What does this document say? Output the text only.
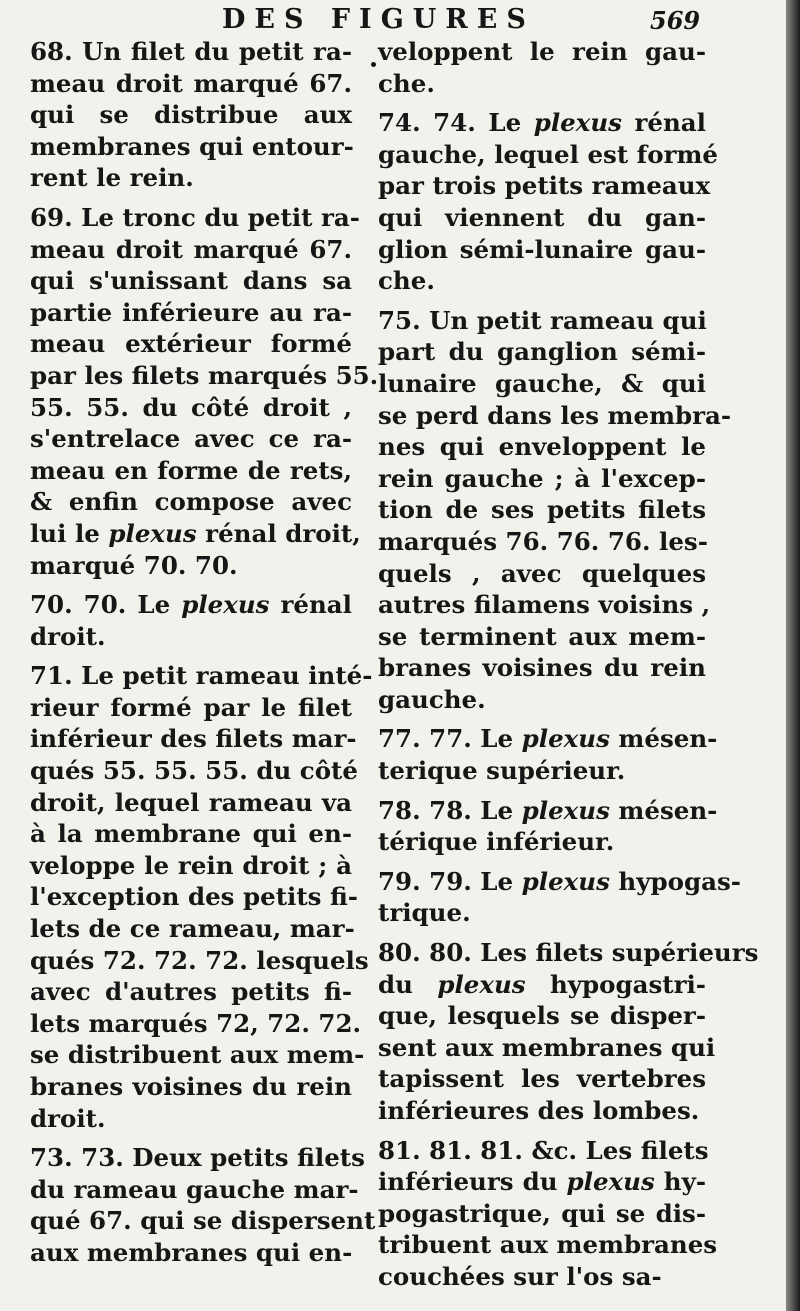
DES FIGURES	569
68. Un filet du petit ra-
meau droit marqué 67.
qui se distribue aux
membranes qui entour-
rent le rein.
69. Le tronc du petit ra-
meau droit marqué 67.
qui s'unissant dans sa
partie inférieure au ra-
meau extérieur formé
par les filets marqués 55.
55. 55. du côté droit ,
s'entrelace avec ce ra-
meau en forme de rets,
& enfin compose avec
lui le plexus rénal droit,
marqué 70. 70.
70. 70. Le plexus rénal
droit.
71. Le petit rameau inté-
rieur formé par le filet
inférieur des filets mar-
qués 55. 55. 55. du côté
droit, lequel rameau va
à la membrane qui en-
veloppe le rein droit ; à
l'exception des petits fi-
lets de ce rameau, mar-
qués 72. 72. 72. lesquels
avec d'autres petits fi-
lets marqués 72, 72. 72.
se distribuent aux mem-
branes voisines du rein
droit.
73. 73. Deux petits filets
du rameau gauche mar-
qué 67. qui se dispersent
aux membranes qui en-
veloppent le rein gau-
che.
74. 74. Le plexus rénal
gauche, lequel est formé
par trois petits rameaux
qui viennent du gan-
glion sémi-lunaire gau-
che.
75. Un petit rameau qui
part du ganglion sémi-
lunaire gauche, & qui
se perd dans les membra-
nes qui enveloppent le
rein gauche ; à l'excep-
tion de ses petits filets
marqués 76. 76. 76. les-
quels , avec quelques
autres filamens voisins ,
se terminent aux mem-
branes voisines du rein
gauche.
77. 77. Le plexus mésen-
terique supérieur.
78. 78. Le plexus mésen-
térique inférieur.
79. 79. Le plexus hypogas-
trique.
80. 80. Les filets supérieurs
du plexus hypogastri-
que, lesquels se disper-
sent aux membranes qui
tapissent les vertebres
inférieures des lombes.
81. 81. 81. &c. Les filets
inférieurs du plexus hy-
pogastrique, qui se dis-
tribuent aux membranes
couchées sur l'os sa-
